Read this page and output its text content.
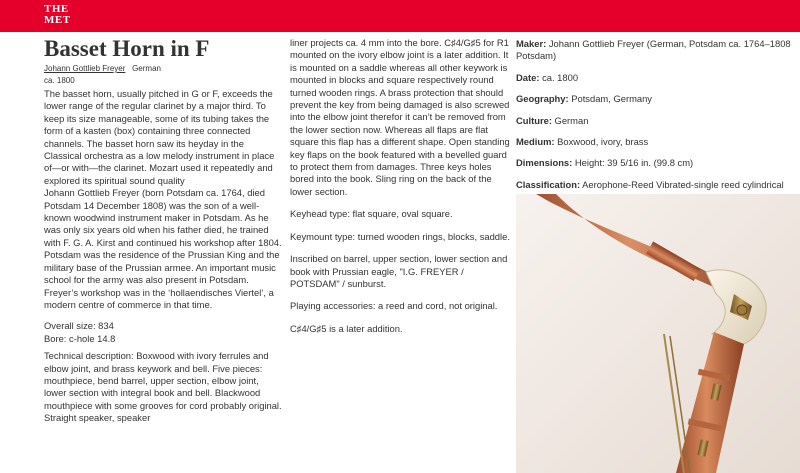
THE
MET
Basset Horn in F
Johann Gottlieb Freyer German
ca. 1800

The basset horn, usually pitched in G or F, exceeds the lower range of the regular clarinet by a major third. To keep its size manageable, some of its tubing takes the form of a kasten (box) containing three connected channels. The basset horn saw its heyday in the Classical orchestra as a low melody instrument in place of—or with—the clarinet. Mozart used it repeatedly and explored its spiritual sound quality

Johann Gottlieb Freyer (born Potsdam ca. 1764, died Potsdam 14 December 1808) was the son of a well-known woodwind instrument maker in Potsdam. As he was only six years old when his father died, he trained with F. G. A. Kirst and continued his workshop after 1804. Potsdam was the residence of the Prussian King and the military base of the Prussian armee. An important music school for the army was also present in Potsdam. Freyer’s workshop was in the ‘hollaendisches Viertel’, a modern centre of commerce in that time.

Overall size: 834
Bore: c-hole 14.8

Technical description: Boxwood with ivory ferrules and elbow joint, and brass keywork and bell. Five pieces: mouthpiece, bend barrel, upper section, elbow joint, lower section with integral book and bell. Blackwood mouthpiece with some grooves for cord probably original. Straight speaker, speaker

liner projects ca. 4 mm into the bore. C♯4/G♯5 for R1 mounted on the ivory elbow joint is a later addition. It is mounted on a saddle whereas all other keywork is mounted in blocks and square respectively round turned wooden rings. A brass protection that should prevent the key from being damaged is also screwed into the elbow joint therefor it can’t be removed from the lower section now. Whereas all flaps are flat square this flap has a different shape. Open standing key flaps on the book featured with a bevelled guard to protect them from damages. Three keys holes bored into the book. Sling ring on the back of the lower section.

Keyhead type: flat square, oval square.

Keymount type: turned wooden rings, blocks, saddle.

Inscribed on barrel, upper section, lower section and book with Prussian eagle, "I.G. FREYER / POTSDAM" / sunburst.

Playing accessories: a reed and cord, not original.

C♯4/G♯5 is a later addition.

Maker: Johann Gottlieb Freyer (German, Potsdam ca. 1764–1808 Potsdam)

Date: ca. 1800

Geography: Potsdam, Germany

Culture: German

Medium: Boxwood, ivory, brass

Dimensions: Height: 39 5/16 in. (99.8 cm)

Classification: Aerophone-Reed Vibrated-single reed cylindrical
